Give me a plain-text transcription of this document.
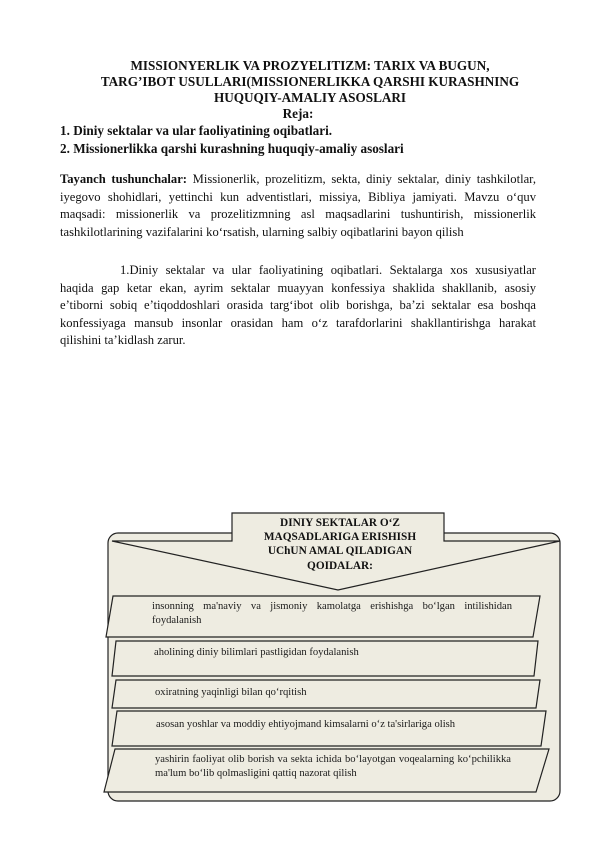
MISSIONYERLIK VA PROZYELITIZM: TARIX VA BUGUN,
TARG’IBOT USULLARI(MISSIONERLIKKA QARSHI KURASHNING
HUQUQIY-AMALIY ASOSLARI
Reja:
1. Diniy sektalar va ular faoliyatining oqibatlari.
2. Missionerlikka qarshi kurashning huquqiy-amaliy asoslari
Tayanch tushunchalar: Missionerlik, prozelitizm, sekta, diniy sektalar, diniy tashkilotlar, iyegovo shohidlari, yettinchi kun adventistlari, missiya, Bibliya jamiyati. Mavzu o‘quv maqsadi: missionerlik va prozelitizmning asl maqsadlarini tushuntirish, missionerlik tashkilotlarining vazifalarini ko‘rsatish, ularning salbiy oqibatlarini bayon qilish
1.Diniy sektalar va ular faoliyatining oqibatlari. Sektalarga xos xususiyatlar haqida gap ketar ekan, ayrim sektalar muayyan konfessiya shaklida shakllanib, asosiy e’tiborni sobiq e’tiqoddoshlari orasida targ‘ibot olib borishga, ba’zi sektalar esa boshqa konfessiyaga mansub insonlar orasidan ham o‘z tarafdorlarini shakllantirishga harakat qilishini ta’kidlash zarur.
DINIY SEKTALAR O‘Z
MAQSADLARIGA ERISHISH
UChUN AMAL QILADIGAN
QOIDALAR:
insonning ma'naviy va jismoniy kamolatga erishishga bo‘lgan intilishidan foydalanish
aholining diniy bilimlari pastligidan foydalanish
oxiratning yaqinligi bilan qo‘rqitish
asosan yoshlar va moddiy ehtiyojmand kimsalarni o‘z ta'sirlariga olish
yashirin faoliyat olib borish va sekta ichida bo‘layotgan voqealarning ko‘pchilikka ma'lum bo‘lib qolmasligini qattiq nazorat qilish
